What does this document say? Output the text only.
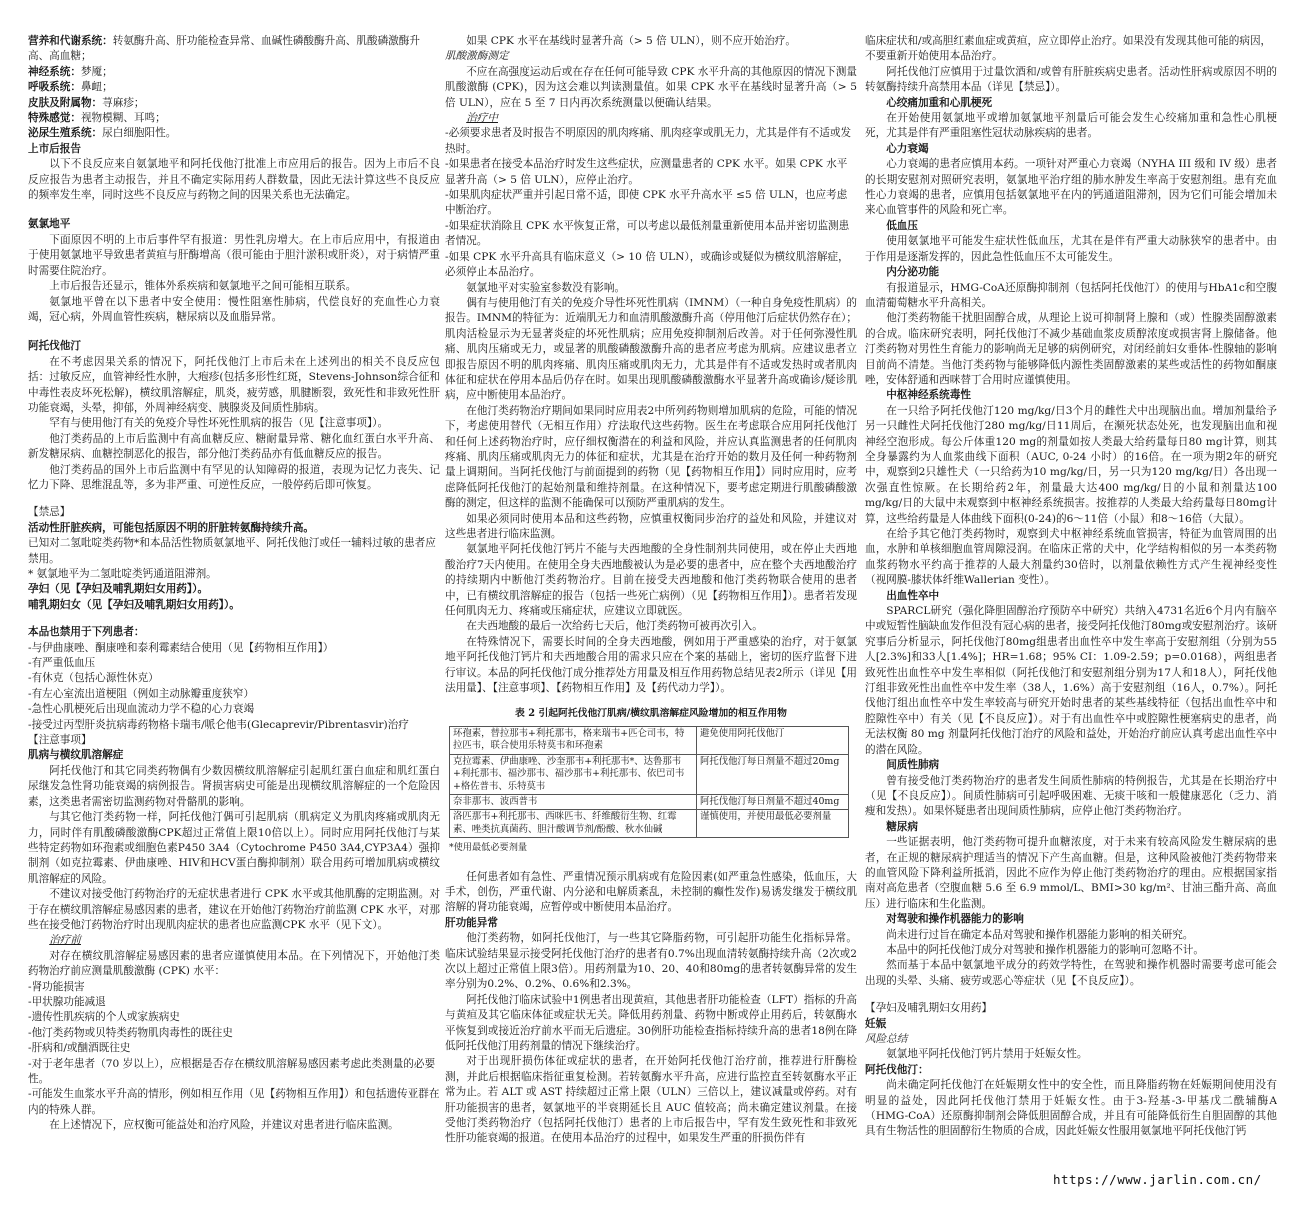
营养和代谢系统：转氨酶升高、肝功能检查异常、血碱性磷酸酶升高、肌酸磷激酶升高、高血糖；
神经系统：梦魇；
呼吸系统：鼻衄；
皮肤及附属物：荨麻疹；
特殊感觉：视物模糊、耳鸣；
泌尿生殖系统：尿白细胞阳性。
上市后报告
以下不良反应来自氨氯地平和阿托伐他汀批准上市应用后的报告。因为上市后不良反应报告为患者主动报告，并且不确定实际用药人群数量，因此无法计算这些不良反应的频率发生率，同时这些不良反应与药物之间的因果关系也无法确定。
氨氯地平
下面原因不明的上市后事件罕有报道：男性乳房增大。在上市后应用中，有报道由于使用氨氯地平导致患者黄疸与肝酶增高（很可能由于胆汁淤积或肝炎），对于病情严重时需要住院治疗。
上市后报告还显示，锥体外系疾病和氨氯地平之间可能相互联系。
氨氯地平曾在以下患者中安全使用：慢性阻塞性肺病，代偿良好的充血性心力衰竭，冠心病，外周血管性疾病，糖尿病以及血脂异常。
阿托伐他汀
在不考虑因果关系的情况下，阿托伐他汀上市后未在上述列出的相关不良反应包括：过敏反应，血管神经性水肿，大疱疹(包括多形性红斑，Stevens-Johnson综合征和中毒性表皮坏死松解)，横纹肌溶解症，肌炎，疲劳感，肌腱断裂，致死性和非致死性肝功能衰竭，头晕，抑郁，外周神经病变、胰腺炎及间质性肺病。
罕有与使用他汀有关的免疫介导性坏死性肌病的报告（见【注意事项】）。
他汀类药品的上市后监测中有高血糖反应、糖耐量异常、糖化血红蛋白水平升高、新发糖尿病、血糖控制恶化的报告，部分他汀类药品亦有低血糖反应的报告。
他汀类药品的国外上市后监测中有罕见的认知障碍的报道，表现为记忆力丧失、记忆力下降、思维混乱等，多为非严重、可逆性反应，一般停药后即可恢复。
【禁忌】
活动性肝脏疾病，可能包括原因不明的肝脏转氨酶持续升高。
已知对二氢吡啶类药物*和本品活性物质氨氯地平、阿托伐他汀或任一辅料过敏的患者应禁用。
* 氨氯地平为二氢吡啶类钙通道阻滞剂。
孕妇（见【孕妇及哺乳期妇女用药】）。
哺乳期妇女（见【孕妇及哺乳期妇女用药】）。
本品也禁用于下列患者：
-与伊曲康唑、酮康唑和泰利霉素结合使用（见【药物相互作用】）
-有严重低血压
-有休克（包括心源性休克）
-有左心室流出道梗阻（例如主动脉瓣重度狭窄）
-急性心肌梗死后出现血流动力学不稳的心力衰竭
-接受过丙型肝炎抗病毒药物格卡瑞韦/哌仑他韦(Glecaprevir/Pibrentasvir)治疗
【注意事项】
肌病与横纹肌溶解症
阿托伐他汀和其它同类药物偶有少数因横纹肌溶解症引起肌红蛋白血症和肌红蛋白尿继发急性肾功能衰竭的病例报告。肾损害病史可能是出现横纹肌溶解症的一个危险因素，这类患者需密切监测药物对骨骼肌的影响。
与其它他汀类药物一样，阿托伐他汀偶可引起肌病（肌病定义为肌肉疼痛或肌肉无力，同时伴有肌酸磷酸激酶CPK超过正常值上限10倍以上）。同时应用阿托伐他汀与某些特定药物如环孢素或细胞色素P450 3A4（Cytochrome P450 3A4,CYP3A4）强抑制剂（如克拉霉素、伊曲康唑、HIV和HCV蛋白酶抑制剂）联合用药可增加肌病或横纹肌溶解症的风险。
不建议对接受他汀药物治疗的无症状患者进行 CPK 水平或其他肌酶的定期监测。对于存在横纹肌溶解症易感因素的患者，建议在开始他汀药物治疗前监测 CPK 水平，对那些在接受他汀药物治疗时出现肌肉症状的患者也应监测CPK 水平（见下文）。
治疗前
对存在横纹肌溶解症易感因素的患者应谨慎使用本品。在下列情况下，开始他汀类药物治疗前应测量肌酸激酶 (CPK) 水平：
-肾功能损害
-甲状腺功能减退
-遗传性肌疾病的个人或家族病史
-他汀类药物或贝特类药物肌肉毒性的既往史
-肝病和/或酗酒既往史
-对于老年患者（70 岁以上），应根据是否存在横纹肌溶解易感因素考虑此类测量的必要性。
-可能发生血浆水平升高的情形，例如相互作用（见【药物相互作用】）和包括遗传亚群在内的特殊人群。
在上述情况下，应权衡可能益处和治疗风险，并建议对患者进行临床监测。
如果 CPK 水平在基线时显著升高（> 5 倍 ULN），则不应开始治疗。
肌酸激酶测定
不应在高强度运动后或在存在任何可能导致 CPK 水平升高的其他原因的情况下测量肌酸激酶 (CPK)，因为这会难以判读测量值。如果 CPK 水平在基线时显著升高（> 5 倍 ULN），应在 5 至 7 日内再次系统测量以便确认结果。
治疗中
-必须要求患者及时报告不明原因的肌肉疼痛、肌肉痉挛或肌无力，尤其是伴有不适或发热时。
-如果患者在接受本品治疗时发生这些症状，应测量患者的 CPK 水平。如果 CPK 水平显著升高（> 5 倍 ULN），应停止治疗。
-如果肌肉症状严重并引起日常不适，即使 CPK 水平升高水平 ≤5 倍 ULN，也应考虑中断治疗。
-如果症状消除且 CPK 水平恢复正常，可以考虑以最低剂量重新使用本品并密切监测患者情况。
-如果 CPK 水平升高具有临床意义（> 10 倍 ULN），或确诊或疑似为横纹肌溶解症，必须停止本品治疗。
氨氯地平对实验室参数没有影响。
偶有与使用他汀有关的免疫介导性坏死性肌病（IMNM）（一种自身免疫性肌病）的报告。IMNM的特征为：近端肌无力和血清肌酸激酶升高（停用他汀后症状仍然存在）；肌肉活检显示为无显著炎症的坏死性肌病；应用免疫抑制剂后改善。对于任何弥漫性肌痛、肌肉压痛或无力，或显著的肌酸磷酸激酶升高的患者应考虑为肌病。应建议患者立即报告原因不明的肌肉疼痛、肌肉压痛或肌肉无力，尤其是伴有不适或发热时或者肌肉体征和症状在停用本品后仍存在时。如果出现肌酸磷酸激酶水平显著升高或确诊/疑诊肌病，应中断使用本品治疗。
在他汀类药物治疗期间如果同时应用表2中所列药物则增加肌病的危险，可能的情况下，考虑使用替代（无相互作用）疗法取代这些药物。医生在考虑联合应用阿托伐他汀和任何上述药物治疗时，应仔细权衡潜在的利益和风险，并应认真监测患者的任何肌肉疼痛、肌肉压痛或肌肉无力的体征和症状，尤其是在治疗开始的数月及任何一种药物剂量上调期间。当阿托伐他汀与前面提到的药物（见【药物相互作用】）同时应用时，应考虑降低阿托伐他汀的起始剂量和维持剂量。在这种情况下，要考虑定期进行肌酸磷酸激酶的测定，但这样的监测不能确保可以预防严重肌病的发生。
如果必须同时使用本品和这些药物，应慎重权衡同步治疗的益处和风险，并建议对这些患者进行临床监测。
氨氯地平阿托伐他汀钙片不能与夫西地酸的全身性制剂共同使用，或在停止夫西地酸治疗7天内使用。在使用全身夫西地酸被认为是必要的患者中，应在整个夫西地酸治疗的持续期内中断他汀类药物治疗。目前在接受夫西地酸和他汀类药物联合使用的患者中，已有横纹肌溶解症的报告（包括一些死亡病例）（见【药物相互作用】）。患者若发现任何肌肉无力、疼痛或压痛症状，应建议立即就医。
在夫西地酸的最后一次给药七天后，他汀类药物可被再次引入。
在特殊情况下，需要长时间的全身夫西地酸，例如用于严重感染的治疗，对于氨氯地平阿托伐他汀钙片和夫西地酸合用的需求只应在个案的基础上，密切的医疗监督下进行审议。本品的阿托伐他汀成分推荐处方用量及相互作用药物总结见表2所示（详见【用法用量】、【注意事项】、【药物相互作用】及【药代动力学】）。
表 2 引起阿托伐他汀肌病/横纹肌溶解症风险增加的相互作用物
环孢素，替拉那韦+利托那韦，格来瑞韦+匹仑司韦，特拉匹韦，联合使用乐特莫韦和环孢素	避免使用阿托伐他汀
克拉霉素、伊曲康唑、沙奎那韦+利托那韦*、达鲁那韦+利托那韦、福沙那韦、福沙那韦+利托那韦、依巴司韦+格佐普韦、乐特莫韦	阿托伐他汀每日剂量不超过20mg
奈非那韦、波西普韦	阿托伐他汀每日剂量不超过40mg
洛匹那韦+利托那韦、西咪匹韦、纤维酸衍生物、红霉素、唑类抗真菌药、胆汁酸调节剂/酚酸、秋水仙碱	谨慎使用，并使用最低必要剂量
*使用最低必要剂量
任何患者如有急性、严重情况预示肌病或有危险因素(如严重急性感染，低血压，大手术，创伤，严重代谢、内分泌和电解质紊乱，未控制的癫性发作)易诱发继发于横纹肌溶解的肾功能衰竭，应暂停或中断使用本品治疗。
肝功能异常
他汀类药物，如阿托伐他汀，与一些其它降脂药物，可引起肝功能生化指标异常。临床试验结果显示接受阿托伐他汀治疗的患者有0.7%出现血清转氨酶持续升高（2次或2次以上超过正常值上限3倍）。用药剂量为10、20、40和80mg的患者转氨酶异常的发生率分别为0.2%、0.2%、0.6%和2.3%。
阿托伐他汀临床试验中1例患者出现黄疸，其他患者肝功能检查（LFT）指标的升高与黄疸及其它临床体征或症状无关。降低用药剂量、药物中断或停止用药后，转氨酶水平恢复到或接近治疗前水平而无后遗症。30例肝功能检查指标持续升高的患者18例在降低阿托伐他汀用药剂量的情况下继续治疗。
对于出现肝损伤体征或症状的患者，在开始阿托伐他汀治疗前，推荐进行肝酶检测，并此后根据临床指征重复检测。若转氨酶水平升高，应进行监控直至转氨酶水平正常为止。若 ALT 或 AST 持续超过正常上限（ULN）三倍以上，建议减量或停药。对有肝功能损害的患者，氨氯地平的半衰期延长且 AUC 值较高；尚未确定建议剂量。在接受他汀类药物治疗（包括阿托伐他汀）患者的上市后报告中，罕有发生致死性和非致死性肝功能衰竭的报道。在使用本品治疗的过程中，如果发生严重的肝损伤伴有
临床症状和/或高胆红素血症或黄疸，应立即停止治疗。如果没有发现其他可能的病因，不要重新开始使用本品治疗。
阿托伐他汀应慎用于过量饮酒和/或曾有肝脏疾病史患者。活动性肝病或原因不明的转氨酶持续升高禁用本品（详见【禁忌】）。
心绞痛加重和心肌梗死
在开始使用氨氯地平或增加氨氯地平剂量后可能会发生心绞痛加重和急性心肌梗死，尤其是伴有严重阻塞性冠状动脉疾病的患者。
心力衰竭
心力衰竭的患者应慎用本药。一项针对严重心力衰竭（NYHA III 级和 IV 级）患者的长期安慰剂对照研究表明，氨氯地平治疗组的肺水肿发生率高于安慰剂组。患有充血性心力衰竭的患者，应慎用包括氨氯地平在内的钙通道阻滞剂，因为它们可能会增加未来心血管事件的风险和死亡率。
低血压
使用氨氯地平可能发生症状性低血压，尤其在是伴有严重大动脉狭窄的患者中。由于作用是逐渐发挥的，因此急性低血压不太可能发生。
内分泌功能
有报道显示，HMG-CoA还原酶抑制剂（包括阿托伐他汀）的使用与HbA1c和空腹血清葡萄糖水平升高相关。
他汀类药物能干扰胆固醇合成，从理论上说可抑制肾上腺和（或）性腺类固醇激素的合成。临床研究表明，阿托伐他汀不减少基础血浆皮质醇浓度或损害肾上腺储备。他汀类药物对男性生育能力的影响尚无足够的病例研究，对闭经前妇女垂体-性腺轴的影响目前尚不清楚。当他汀类药物与能够降低内源性类固醇激素的某些或活性的药物如酮康唑，安体舒通和西咪替丁合用时应谨慎使用。
中枢神经系统毒性
在一只给予阿托伐他汀120 mg/kg/日3个月的雌性犬中出现脑出血。增加剂量给予另一只雌性犬阿托伐他汀280 mg/kg/日11周后，在濒死状态处死，也发现脑出血和视神经空泡形成。每公斤体重120 mg的剂量如按人类最大给药量每日80 mg计算，则其全身暴露约为人血浆曲线下面积（AUC, 0-24 小时）的16倍。在一项为期2年的研究中，观察到2只雄性犬（一只给药为10 mg/kg/日，另一只为120 mg/kg/日）各出现一次强直性惊厥。在长期给药2年，剂量最大达400 mg/kg/日的小鼠和剂量达100 mg/kg/日的大鼠中未观察到中枢神经系统损害。按推荐的人类最大给药量每日80mg计算，这些给药量是人体曲线下面积(0-24)的6～11倍（小鼠）和8～16倍（大鼠）。
在给予其它他汀类药物时，观察到犬中枢神经系统血管损害，特征为血管周围的出血，水肿和单核细胞血管周隙浸润。在临床正常的犬中，化学结构相似的另一本类药物血浆药物水平约高于推荐的人最大剂量约30倍时，以剂量依赖性方式产生视神经变性（视网膜-膝状体纤维Wallerian 变性）。
出血性卒中
SPARCL研究（强化降胆固醇治疗预防卒中研究）共纳入4731名近6个月内有脑卒中或短暂性脑缺血发作但没有冠心病的患者，接受阿托伐他汀80mg或安慰剂治疗。该研究事后分析显示，阿托伐他汀80mg组患者出血性卒中发生率高于安慰剂组（分别为55人[2.3%]和33人[1.4%]；HR=1.68；95% CI：1.09-2.59；p=0.0168），两组患者致死性出血性卒中发生率相似（阿托伐他汀和安慰剂组分别为17人和18人），阿托伐他汀组非致死性出血性卒中发生率（38人，1.6%）高于安慰剂组（16人，0.7%）。阿托伐他汀组出血性卒中发生率较高与研究开始时患者的某些基线特征（包括出血性卒中和腔隙性卒中）有关（见【不良反应】）。对于有出血性卒中或腔隙性梗塞病史的患者，尚无法权衡 80 mg 剂量阿托伐他汀治疗的风险和益处，开始治疗前应认真考虑出血性卒中的潜在风险。
间质性肺病
曾有接受他汀类药物治疗的患者发生间质性肺病的特例报告，尤其是在长期治疗中（见【不良反应】）。间质性肺病可引起呼吸困难、无痰干咳和一般健康恶化（乏力、消瘦和发热）。如果怀疑患者出现间质性肺病，应停止他汀类药物治疗。
糖尿病
一些证据表明，他汀类药物可提升血糖浓度，对于未来有较高风险发生糖尿病的患者，在正规的糖尿病护理适当的情况下产生高血糖。但是，这种风险被他汀类药物带来的血管风险下降利益所抵消，因此不应作为停止他汀类药物治疗的理由。应根据国家指南对高危患者（空腹血糖 5.6 至 6.9 mmol/L、BMI>30 kg/m²、甘油三酯升高、高血压）进行临床和生化监测。
对驾驶和操作机器能力的影响
尚未进行过旨在确定本品对驾驶和操作机器能力影响的相关研究。
本品中的阿托伐他汀成分对驾驶和操作机器能力的影响可忽略不计。
然而基于本品中氨氯地平成分的药效学特性，在驾驶和操作机器时需要考虑可能会出现的头晕、头痛、疲劳或恶心等症状（见【不良反应】）。
【孕妇及哺乳期妇女用药】
妊娠
风险总结
氨氯地平阿托伐他汀钙片禁用于妊娠女性。
阿托伐他汀：
尚未确定阿托伐他汀在妊娠期女性中的安全性，而且降脂药物在妊娠期间使用没有明显的益处，因此阿托伐他汀禁用于妊娠女性。由于3-羟基-3-甲基戊二酰辅酶A（HMG-CoA）还原酶抑制剂会降低胆固醇合成，并且有可能降低衍生自胆固醇的其他具有生物活性的胆固醇衍生物质的合成，因此妊娠女性服用氨氯地平阿托伐他汀钙
https://www.jarlin.com.cn/
